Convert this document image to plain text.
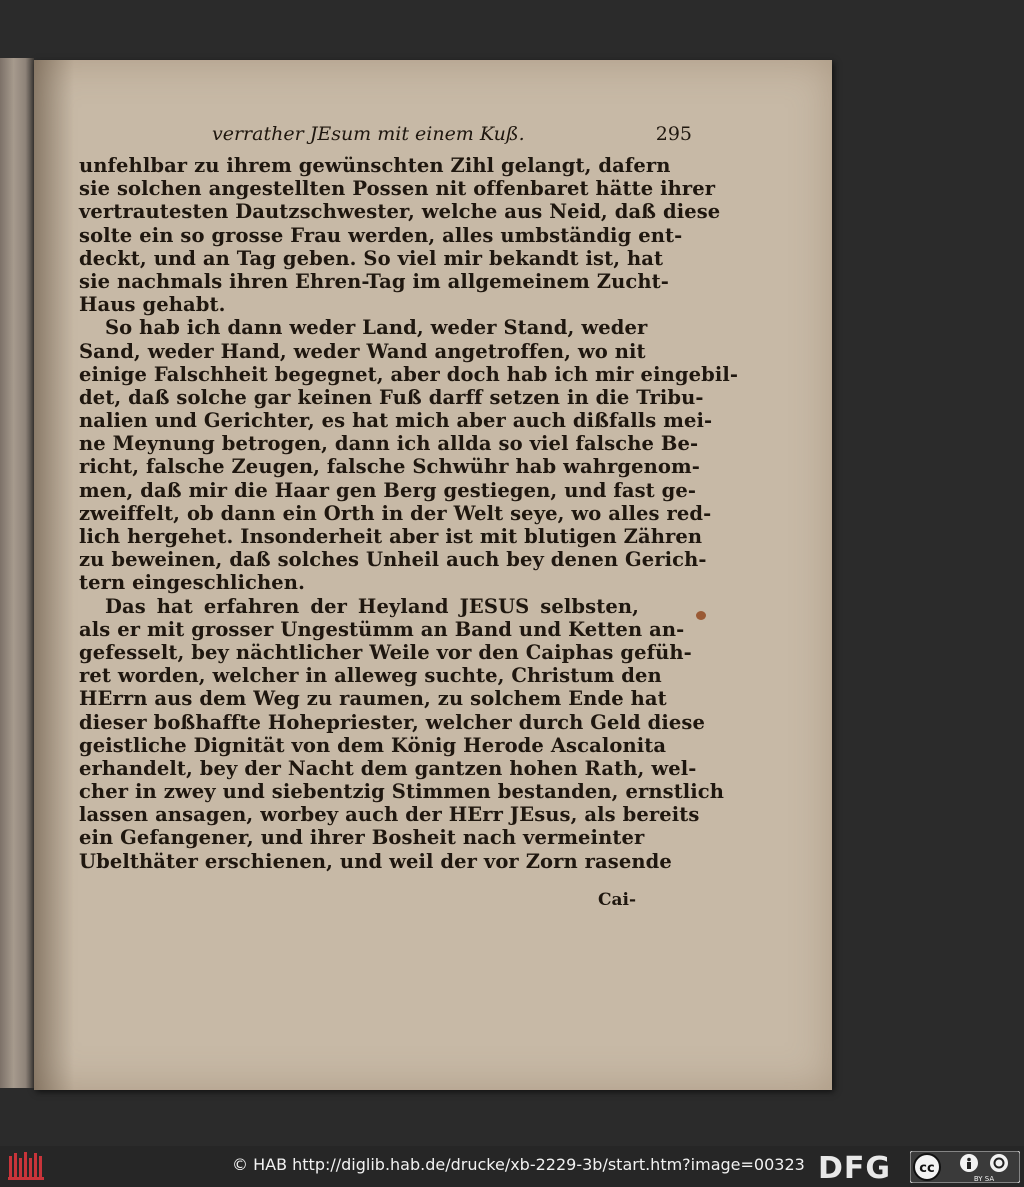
verrather JEsum mit einem Kuß.	295
unfehlbar zu ihrem gewünschten Zihl gelangt, dafern
sie solchen angestellten Possen nit offenbaret hätte ihrer
vertrautesten Dautzschwester, welche aus Neid, daß diese
solte ein so grosse Frau werden, alles umbständig ent-
deckt, und an Tag geben. So viel mir bekandt ist, hat
sie nachmals ihren Ehren-Tag im allgemeinem Zucht-
Haus gehabt.
So hab ich dann weder Land, weder Stand, weder
Sand, weder Hand, weder Wand angetroffen, wo nit
einige Falschheit begegnet, aber doch hab ich mir eingebil-
det, daß solche gar keinen Fuß darff setzen in die Tribu-
nalien und Gerichter, es hat mich aber auch dißfalls mei-
ne Meynung betrogen, dann ich allda so viel falsche Be-
richt, falsche Zeugen, falsche Schwühr hab wahrgenom-
men, daß mir die Haar gen Berg gestiegen, und fast ge-
zweiffelt, ob dann ein Orth in der Welt seye, wo alles red-
lich hergehet. Insonderheit aber ist mit blutigen Zähren
zu beweinen, daß solches Unheil auch bey denen Gerich-
tern eingeschlichen.
Das hat erfahren der Heyland JESUS selbsten,
als er mit grosser Ungestümm an Band und Ketten an-
gefesselt, bey nächtlicher Weile vor den Caiphas gefüh-
ret worden, welcher in alleweg suchte, Christum den
HErrn aus dem Weg zu raumen, zu solchem Ende hat
dieser boßhaffte Hohepriester, welcher durch Geld diese
geistliche Dignität von dem König Herode Ascalonita
erhandelt, bey der Nacht dem gantzen hohen Rath, wel-
cher in zwey und siebentzig Stimmen bestanden, ernstlich
lassen ansagen, worbey auch der HErr JEsus, als bereits
ein Gefangener, und ihrer Bosheit nach vermeinter
Ubelthäter erschienen, und weil der vor Zorn rasende
Cai-
© HAB http://diglib.hab.de/drucke/xb-2229-3b/start.htm?image=00323 DFG cc
BY SA
